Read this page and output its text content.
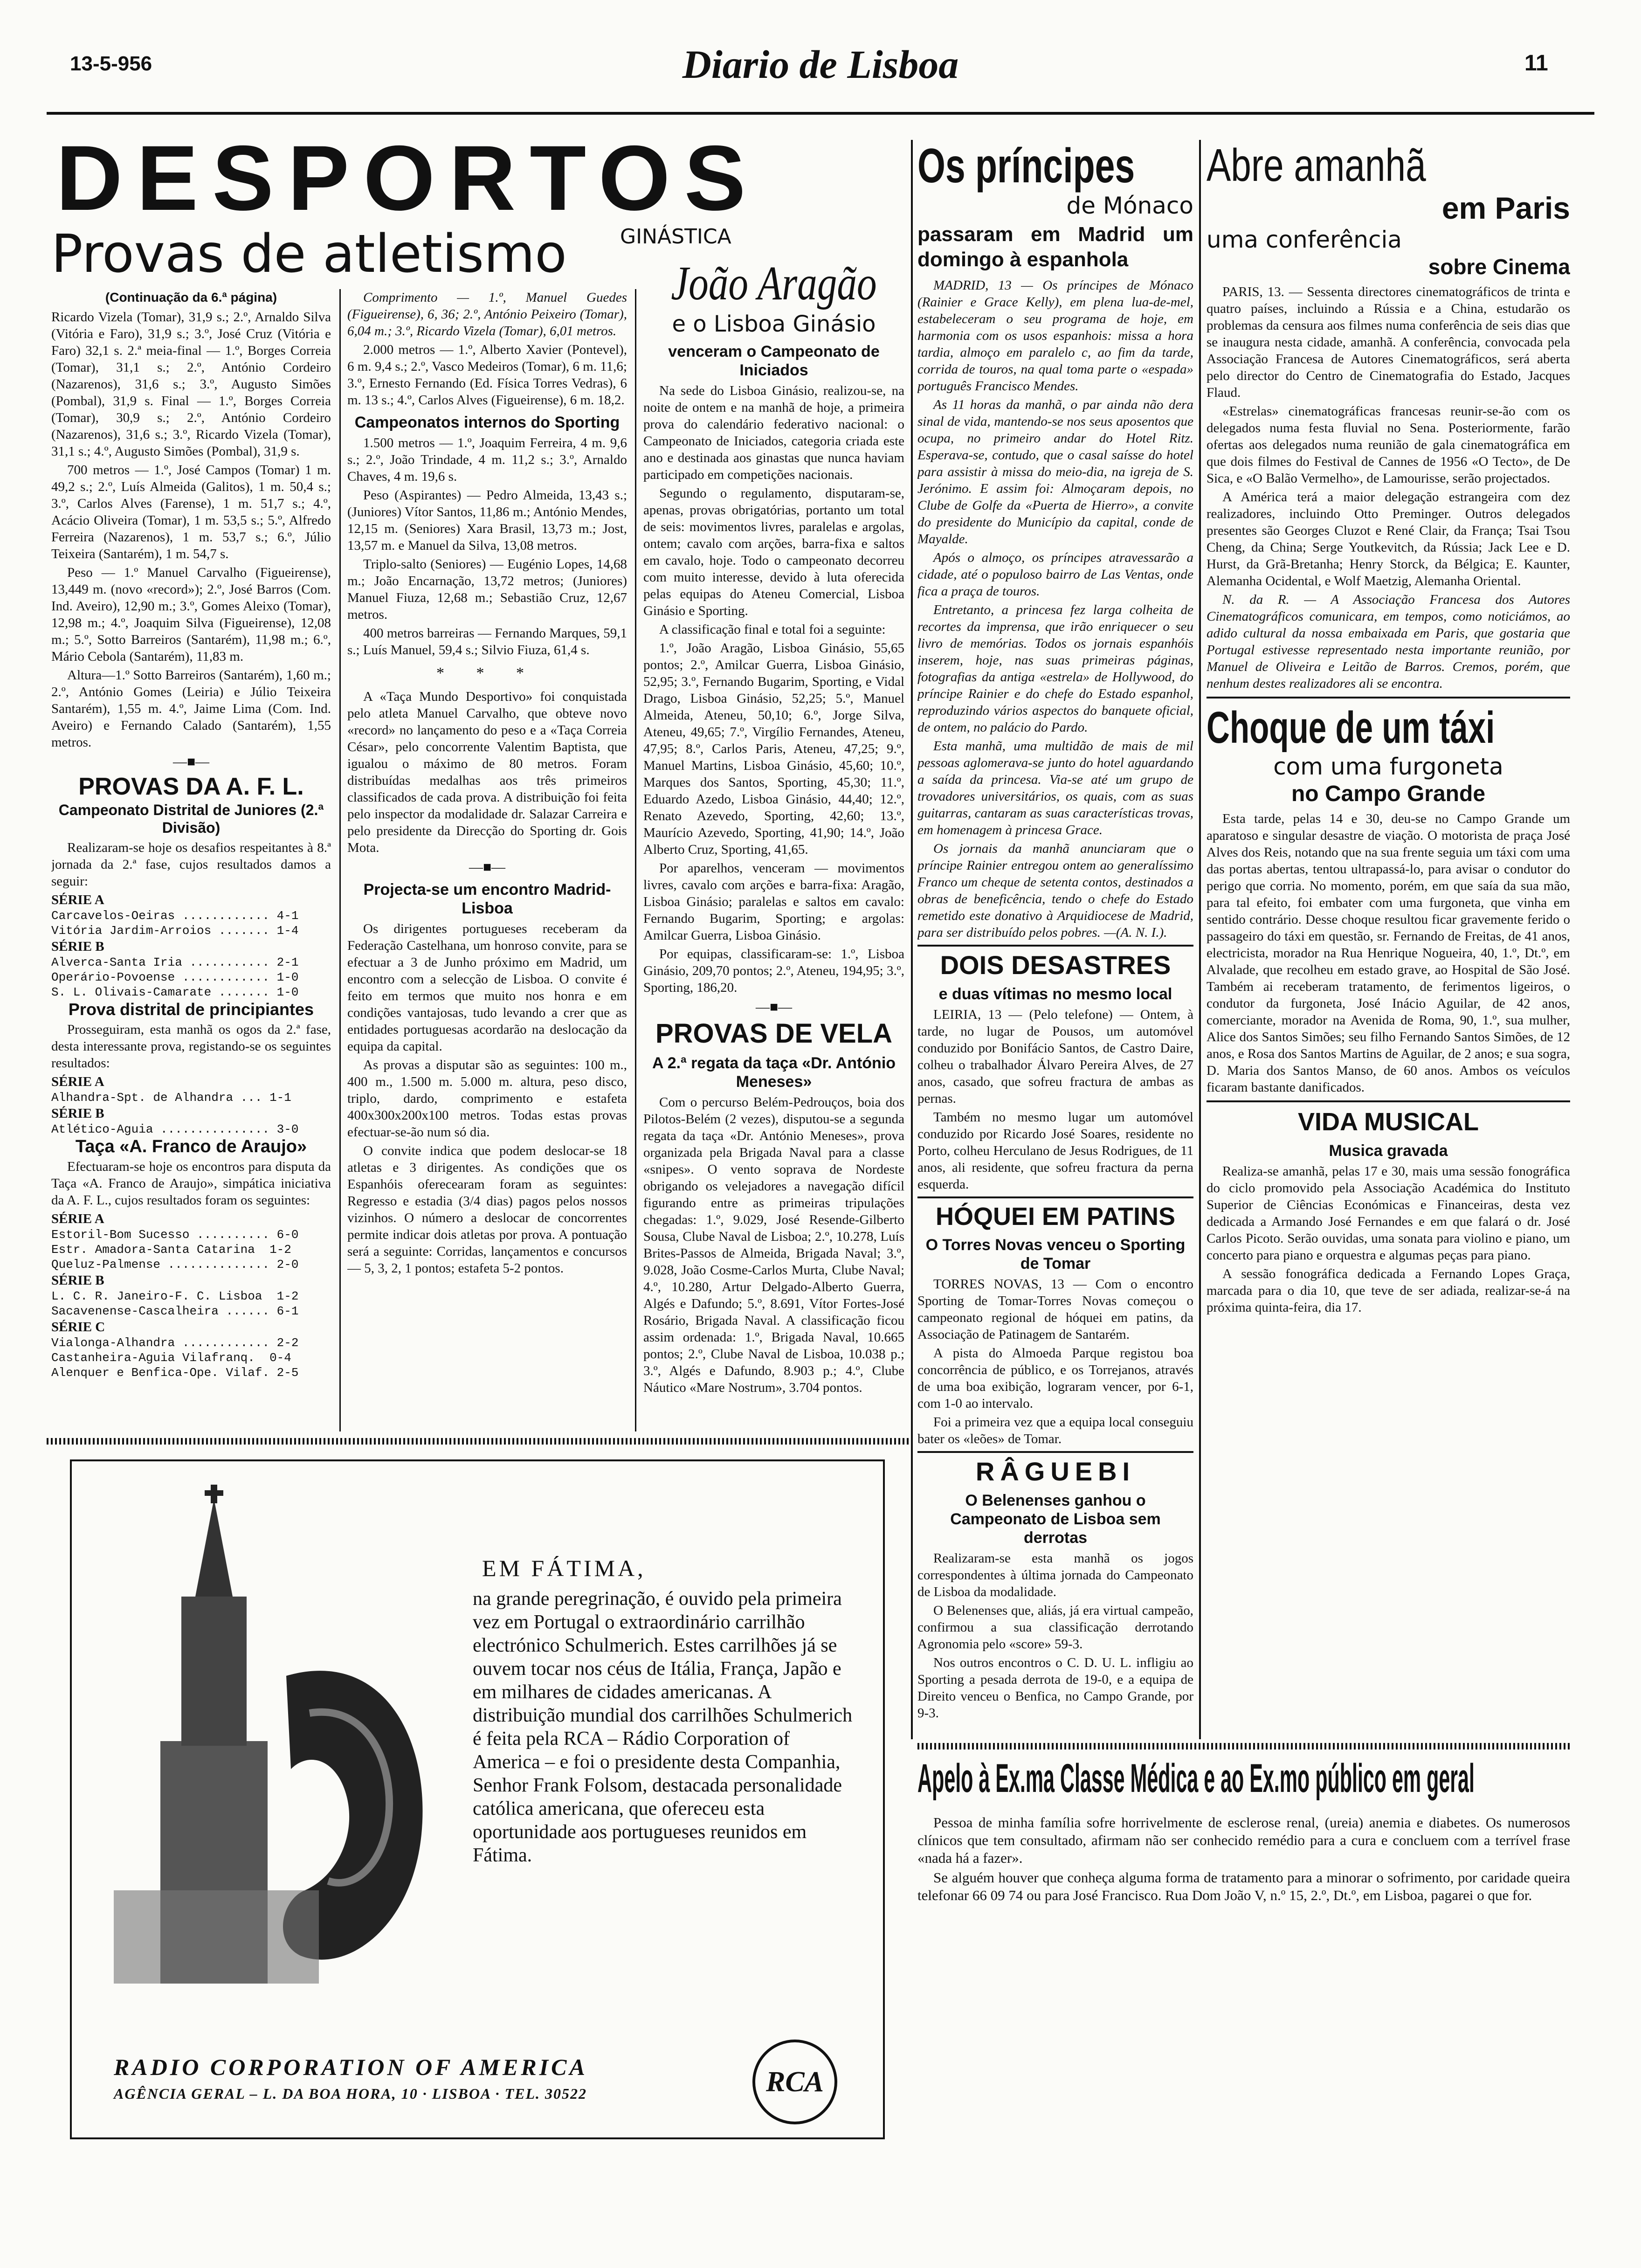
13-5-956	Diario de Lisboa	11
DESPORTOS
Provas de atletismo
(Continuação da 6.ª página)

Ricardo Vizela (Tomar), 31,9 s.; 2.º, Arnaldo Silva (Vitória e Faro), 31,9 s.; 3.º, José Cruz (Vitória e Faro) 32,1 s. 2.ª meia-final — 1.º, Borges Correia (Tomar), 31,1 s.; 2.º, António Cordeiro (Nazarenos), 31,6 s.; 3.º, Augusto Simões (Pombal), 31,9 s. Final — 1.º, Borges Correia (Tomar), 30,9 s.; 2.º, António Cordeiro (Nazarenos), 31,6 s.; 3.º, Ricardo Vizela (Tomar), 31,1 s.; 4.º, Augusto Simões (Pombal), 31,9 s.

700 metros — 1.º, José Campos (Tomar) 1 m. 49,2 s.; 2.º, Luís Almeida (Galitos), 1 m. 50,4 s.; 3.º, Carlos Alves (Farense), 1 m. 51,7 s.; 4.º, Acácio Oliveira (Tomar), 1 m. 53,5 s.; 5.º, Alfredo Ferreira (Nazarenos), 1 m. 53,7 s.; 6.º, Júlio Teixeira (Santarém), 1 m. 54,7 s.

Peso — 1.º Manuel Carvalho (Figueirense), 13,449 m. (novo «record»); 2.º, José Barros (Com. Ind. Aveiro), 12,90 m.; 3.º, Gomes Aleixo (Tomar), 12,98 m.; 4.º, Joaquim Silva (Figueirense), 12,08 m.; 5.º, Sotto Barreiros (Santarém), 11,98 m.; 6.º, Mário Cebola (Santarém), 11,83 m.

Altura—1.º Sotto Barreiros (Santarém), 1,60 m.; 2.º, António Gomes (Leiria) e Júlio Teixeira Santarém), 1,55 m. 4.º, Jaime Lima (Com. Ind. Aveiro) e Fernando Calado (Santarém), 1,55 metros.

—■—
PROVAS DA A. F. L.
Campeonato Distrital de Juniores (2.ª Divisão)

Realizaram-se hoje os desafios respeitantes à 8.ª jornada da 2.ª fase, cujos resultados damos a seguir:

SÉRIE A
Carcavelos-Oeiras ............ 4-1
Vitória Jardim-Arroios ....... 1-4
SÉRIE B
Alverca-Santa Iria ........... 2-1
Operário-Povoense ............ 1-0
S. L. Olivais-Camarate ....... 1-0
Prova distrital de principiantes

Prosseguiram, esta manhã os ogos da 2.ª fase, desta interessante prova, registando-se os seguintes resultados:

SÉRIE A
Alhandra-Spt. de Alhandra ... 1-1
SÉRIE B
Atlético-Aguia ............... 3-0
Taça «A. Franco de Araujo»

Efectuaram-se hoje os encontros para disputa da Taça «A. Franco de Araujo», simpática iniciativa da A. F. L., cujos resultados foram os seguintes:

SÉRIE A
Estoril-Bom Sucesso .......... 6-0
Estr. Amadora-Santa Catarina  1-2
Queluz-Palmense .............. 2-0
SÉRIE B
L. C. R. Janeiro-F. C. Lisboa  1-2
Sacavenense-Cascalheira ...... 6-1
SÉRIE C
Vialonga-Alhandra ............ 2-2
Castanheira-Aguia Vilafranq.  0-4
Alenquer e Benfica-Ope. Vilaf. 2-5

Comprimento — 1.º, Manuel Guedes (Figueirense), 6, 36; 2.º, António Peixeiro (Tomar), 6,04 m.; 3.º, Ricardo Vizela (Tomar), 6,01 metros.

2.000 metros — 1.º, Alberto Xavier (Pontevel), 6 m. 9,4 s.; 2.º, Vasco Medeiros (Tomar), 6 m. 11,6; 3.º, Ernesto Fernando (Ed. Física Torres Vedras), 6 m. 13 s.; 4.º, Carlos Alves (Figueirense), 6 m. 18,2.

Campeonatos internos do Sporting

1.500 metros — 1.º, Joaquim Ferreira, 4 m. 9,6 s.; 2.º, João Trindade, 4 m. 11,2 s.; 3.º, Arnaldo Chaves, 4 m. 19,6 s.

Peso (Aspirantes) — Pedro Almeida, 13,43 s.; (Juniores) Vítor Santos, 11,86 m.; António Mendes, 12,15 m. (Seniores) Xara Brasil, 13,73 m.; Jost, 13,57 m. e Manuel da Silva, 13,08 metros.

Triplo-salto (Seniores) — Eugénio Lopes, 14,68 m.; João Encarnação, 13,72 metros; (Juniores) Manuel Fiuza, 12,68 m.; Sebastião Cruz, 12,67 metros.

400 metros barreiras — Fernando Marques, 59,1 s.; Luís Manuel, 59,4 s.; Silvio Fiuza, 61,4 s.

* * *

A «Taça Mundo Desportivo» foi conquistada pelo atleta Manuel Carvalho, que obteve novo «record» no lançamento do peso e a «Taça Correia César», pelo concorrente Valentim Baptista, que igualou o máximo de 80 metros. Foram distribuídas medalhas aos três primeiros classificados de cada prova. A distribuição foi feita pelo inspector da modalidade dr. Salazar Carreira e pelo presidente da Direcção do Sporting dr. Gois Mota.

—■—
Projecta-se um encontro Madrid-Lisboa

Os dirigentes portugueses receberam da Federação Castelhana, um honroso convite, para se efectuar a 3 de Junho próximo em Madrid, um encontro com a selecção de Lisboa. O convite é feito em termos que muito nos honra e em condições vantajosas, tudo levando a crer que as entidades portuguesas acordarão na deslocação da equipa da capital.

As provas a disputar são as seguintes: 100 m., 400 m., 1.500 m. 5.000 m. altura, peso disco, triplo, dardo, comprimento e estafeta 400x300x200x100 metros. Todas estas provas efectuar-se-ão num só dia.

O convite indica que podem deslocar-se 18 atletas e 3 dirigentes. As condições que os Espanhóis oferecearam foram as seguintes: Regresso e estadia (3/4 dias) pagos pelos nossos vizinhos. O número a deslocar de concorrentes permite indicar dois atletas por prova. A pontuação será a seguinte: Corridas, lançamentos e concursos — 5, 3, 2, 1 pontos; estafeta 5-2 pontos.

GINÁSTICA
João Aragão
e o Lisboa Ginásio
venceram o Campeonato de Iniciados

Na sede do Lisboa Ginásio, realizou-se, na noite de ontem e na manhã de hoje, a primeira prova do calendário federativo nacional: o Campeonato de Iniciados, categoria criada este ano e destinada aos ginastas que nunca haviam participado em competições nacionais.

Segundo o regulamento, disputaram-se, apenas, provas obrigatórias, portanto um total de seis: movimentos livres, paralelas e argolas, ontem; cavalo com arções, barra-fixa e saltos em cavalo, hoje. Todo o campeonato decorreu com muito interesse, devido à luta oferecida pelas equipas do Ateneu Comercial, Lisboa Ginásio e Sporting.

A classificação final e total foi a seguinte:

1.º, João Aragão, Lisboa Ginásio, 55,65 pontos; 2.º, Amilcar Guerra, Lisboa Ginásio, 52,95; 3.º, Fernando Bugarim, Sporting, e Vidal Drago, Lisboa Ginásio, 52,25; 5.º, Manuel Almeida, Ateneu, 50,10; 6.º, Jorge Silva, Ateneu, 49,65; 7.º, Virgílio Fernandes, Ateneu, 47,95; 8.º, Carlos Paris, Ateneu, 47,25; 9.º, Manuel Martins, Lisboa Ginásio, 45,60; 10.º, Marques dos Santos, Sporting, 45,30; 11.º, Eduardo Azedo, Lisboa Ginásio, 44,40; 12.º, Renato Azevedo, Sporting, 42,60; 13.º, Maurício Azevedo, Sporting, 41,90; 14.º, João Alberto Cruz, Sporting, 41,65.

Por aparelhos, venceram — movimentos livres, cavalo com arções e barra-fixa: Aragão, Lisboa Ginásio; paralelas e saltos em cavalo: Fernando Bugarim, Sporting; e argolas: Amilcar Guerra, Lisboa Ginásio.

Por equipas, classificaram-se: 1.º, Lisboa Ginásio, 209,70 pontos; 2.º, Ateneu, 194,95; 3.º, Sporting, 186,20.

—■—
PROVAS DE VELA
A 2.ª regata da taça «Dr. António Meneses»

Com o percurso Belém-Pedrouços, boia dos Pilotos-Belém (2 vezes), disputou-se a segunda regata da taça «Dr. António Meneses», prova organizada pela Brigada Naval para a classe «snipes». O vento soprava de Nordeste obrigando os velejadores a navegação difícil figurando entre as primeiras tripulações chegadas: 1.º, 9.029, José Resende-Gilberto Sousa, Clube Naval de Lisboa; 2.º, 10.278, Luís Brites-Passos de Almeida, Brigada Naval; 3.º, 9.028, João Cosme-Carlos Murta, Clube Naval; 4.º, 10.280, Artur Delgado-Alberto Guerra, Algés e Dafundo; 5.º, 8.691, Vítor Fortes-José Rosário, Brigada Naval. A classificação ficou assim ordenada: 1.º, Brigada Naval, 10.665 pontos; 2.º, Clube Naval de Lisboa, 10.038 p.; 3.º, Algés e Dafundo, 8.903 p.; 4.º, Clube Náutico «Mare Nostrum», 3.704 pontos.

Os príncipes
de Mónaco
passaram em Madrid um domingo à espanhola

MADRID, 13 — Os príncipes de Mónaco (Rainier e Grace Kelly), em plena lua-de-mel, estabeleceram o seu programa de hoje, em harmonia com os usos espanhois: missa a hora tardia, almoço em paralelo c, ao fim da tarde, corrida de touros, na qual toma parte o «espada» português Francisco Mendes.

As 11 horas da manhã, o par ainda não dera sinal de vida, mantendo-se nos seus aposentos que ocupa, no primeiro andar do Hotel Ritz. Esperava-se, contudo, que o casal saísse do hotel para assistir à missa do meio-dia, na igreja de S. Jerónimo. E assim foi: Almoçaram depois, no Clube de Golfe da «Puerta de Hierro», a convite do presidente do Município da capital, conde de Mayalde.

Após o almoço, os príncipes atravessarão a cidade, até o populoso bairro de Las Ventas, onde fica a praça de touros.

Entretanto, a princesa fez larga colheita de recortes da imprensa, que irão enriquecer o seu livro de memórias. Todos os jornais espanhóis inserem, hoje, nas suas primeiras páginas, fotografias da antiga «estrela» de Hollywood, do príncipe Rainier e do chefe do Estado espanhol, reproduzindo vários aspectos do banquete oficial, de ontem, no palácio do Pardo.

Esta manhã, uma multidão de mais de mil pessoas aglomerava-se junto do hotel aguardando a saída da princesa. Via-se até um grupo de trovadores universitários, os quais, com as suas guitarras, cantaram as suas características trovas, em homenagem à princesa Grace.

Os jornais da manhã anunciaram que o príncipe Rainier entregou ontem ao generalíssimo Franco um cheque de setenta contos, destinados a obras de beneficência, tendo o chefe do Estado remetido este donativo à Arquidiocese de Madrid, para ser distribuído pelos pobres. —(A. N. I.).

DOIS DESASTRES
e duas vítimas no mesmo local

LEIRIA, 13 — (Pelo telefone) — Ontem, à tarde, no lugar de Pousos, um automóvel conduzido por Bonifácio Santos, de Castro Daire, colheu o trabalhador Álvaro Pereira Alves, de 27 anos, casado, que sofreu fractura de ambas as pernas.

Também no mesmo lugar um automóvel conduzido por Ricardo José Soares, residente no Porto, colheu Herculano de Jesus Rodrigues, de 11 anos, ali residente, que sofreu fractura da perna esquerda.

HÓQUEI EM PATINS
O Torres Novas venceu o Sporting de Tomar

TORRES NOVAS, 13 — Com o encontro Sporting de Tomar-Torres Novas começou o campeonato regional de hóquei em patins, da Associação de Patinagem de Santarém.

A pista do Almoeda Parque registou boa concorrência de público, e os Torrejanos, através de uma boa exibição, lograram vencer, por 6-1, com 1-0 ao intervalo.

Foi a primeira vez que a equipa local conseguiu bater os «leões» de Tomar.

RÂGUEBI
O Belenenses ganhou o Campeonato de Lisboa sem derrotas

Realizaram-se esta manhã os jogos correspondentes à última jornada do Campeonato de Lisboa da modalidade.

O Belenenses que, aliás, já era virtual campeão, confirmou a sua classificação derrotando Agronomia pelo «score» 59-3.

Nos outros encontros o C. D. U. L. infligiu ao Sporting a pesada derrota de 19-0, e a equipa de Direito venceu o Benfica, no Campo Grande, por 9-3.

Abre amanhã
em Paris
uma conferência
sobre Cinema

PARIS, 13. — Sessenta directores cinematográficos de trinta e quatro países, incluindo a Rússia e a China, estudarão os problemas da censura aos filmes numa conferência de seis dias que se inaugura nesta cidade, amanhã. A conferência, convocada pela Associação Francesa de Autores Cinematográficos, será aberta pelo director do Centro de Cinematografia do Estado, Jacques Flaud.

«Estrelas» cinematográficas francesas reunir-se-ão com os delegados numa festa fluvial no Sena. Posteriormente, farão ofertas aos delegados numa reunião de gala cinematográfica em que dois filmes do Festival de Cannes de 1956 «O Tecto», de De Sica, e «O Balão Vermelho», de Lamourisse, serão projectados.

A América terá a maior delegação estrangeira com dez realizadores, incluindo Otto Preminger. Outros delegados presentes são Georges Cluzot e René Clair, da França; Tsai Tsou Cheng, da China; Serge Youtkevitch, da Rússia; Jack Lee e D. Hurst, da Grã-Bretanha; Henry Storck, da Bélgica; E. Kaunter, Alemanha Ocidental, e Wolf Maetzig, Alemanha Oriental.

N. da R. — A Associação Francesa dos Autores Cinematográficos comunicara, em tempos, como noticiámos, ao adido cultural da nossa embaixada em Paris, que gostaria que Portugal estivesse representado nesta importante reunião, por Manuel de Oliveira e Leitão de Barros. Cremos, porém, que nenhum destes realizadores ali se encontra.

Choque de um táxi
com uma furgoneta
no Campo Grande

Esta tarde, pelas 14 e 30, deu-se no Campo Grande um aparatoso e singular desastre de viação. O motorista de praça José Alves dos Reis, notando que na sua frente seguia um táxi com uma das portas abertas, tentou ultrapassá-lo, para avisar o condutor do perigo que corria. No momento, porém, em que saía da sua mão, para tal efeito, foi embater com uma furgoneta, que vinha em sentido contrário. Desse choque resultou ficar gravemente ferido o passageiro do táxi em questão, sr. Fernando de Freitas, de 41 anos, electricista, morador na Rua Henrique Nogueira, 40, 1.º, Dt.º, em Alvalade, que recolheu em estado grave, ao Hospital de São José. Também ai receberam tratamento, de ferimentos ligeiros, o condutor da furgoneta, José Inácio Aguilar, de 42 anos, comerciante, morador na Avenida de Roma, 90, 1.º, sua mulher, Alice dos Santos Simões; seu filho Fernando Santos Simões, de 12 anos, e Rosa dos Santos Martins de Aguilar, de 2 anos; e sua sogra, D. Maria dos Santos Manso, de 60 anos. Ambos os veículos ficaram bastante danificados.

VIDA MUSICAL
Musica gravada

Realiza-se amanhã, pelas 17 e 30, mais uma sessão fonográfica do ciclo promovido pela Associação Académica do Instituto Superior de Ciências Económicas e Financeiras, desta vez dedicada a Armando José Fernandes e em que falará o dr. José Carlos Picoto. Serão ouvidas, uma sonata para violino e piano, um concerto para piano e orquestra e algumas peças para piano.

A sessão fonográfica dedicada a Fernando Lopes Graça, marcada para o dia 10, que teve de ser adiada, realizar-se-á na próxima quinta-feira, dia 17.

EM FÁTIMA,
na grande peregrinação, é ouvido pela primeira vez em Portugal o extraordinário carrilhão electrónico Schulmerich. Estes carrilhões já se ouvem tocar nos céus de Itália, França, Japão e em milhares de cidades americanas. A distribuição mundial dos carrilhões Schulmerich é feita pela RCA – Rádio Corporation of America – e foi o presidente desta Companhia, Senhor Frank Folsom, destacada personalidade católica americana, que ofereceu esta oportunidade aos portugueses reunidos em Fátima.
RADIO CORPORATION OF AMERICA
AGÊNCIA GERAL – L. DA BOA HORA, 10 · LISBOA · TEL. 30522	RCA
Apelo à Ex.ma Classe Médica e ao Ex.mo público em geral

Pessoa de minha família sofre horrivelmente de esclerose renal, (ureia) anemia e diabetes. Os numerosos clínicos que tem consultado, afirmam não ser conhecido remédio para a cura e concluem com a terrível frase «nada há a fazer».

Se alguém houver que conheça alguma forma de tratamento para a minorar o sofrimento, por caridade queira telefonar 66 09 74 ou para José Francisco. Rua Dom João V, n.º 15, 2.º, Dt.º, em Lisboa, pagarei o que for.
